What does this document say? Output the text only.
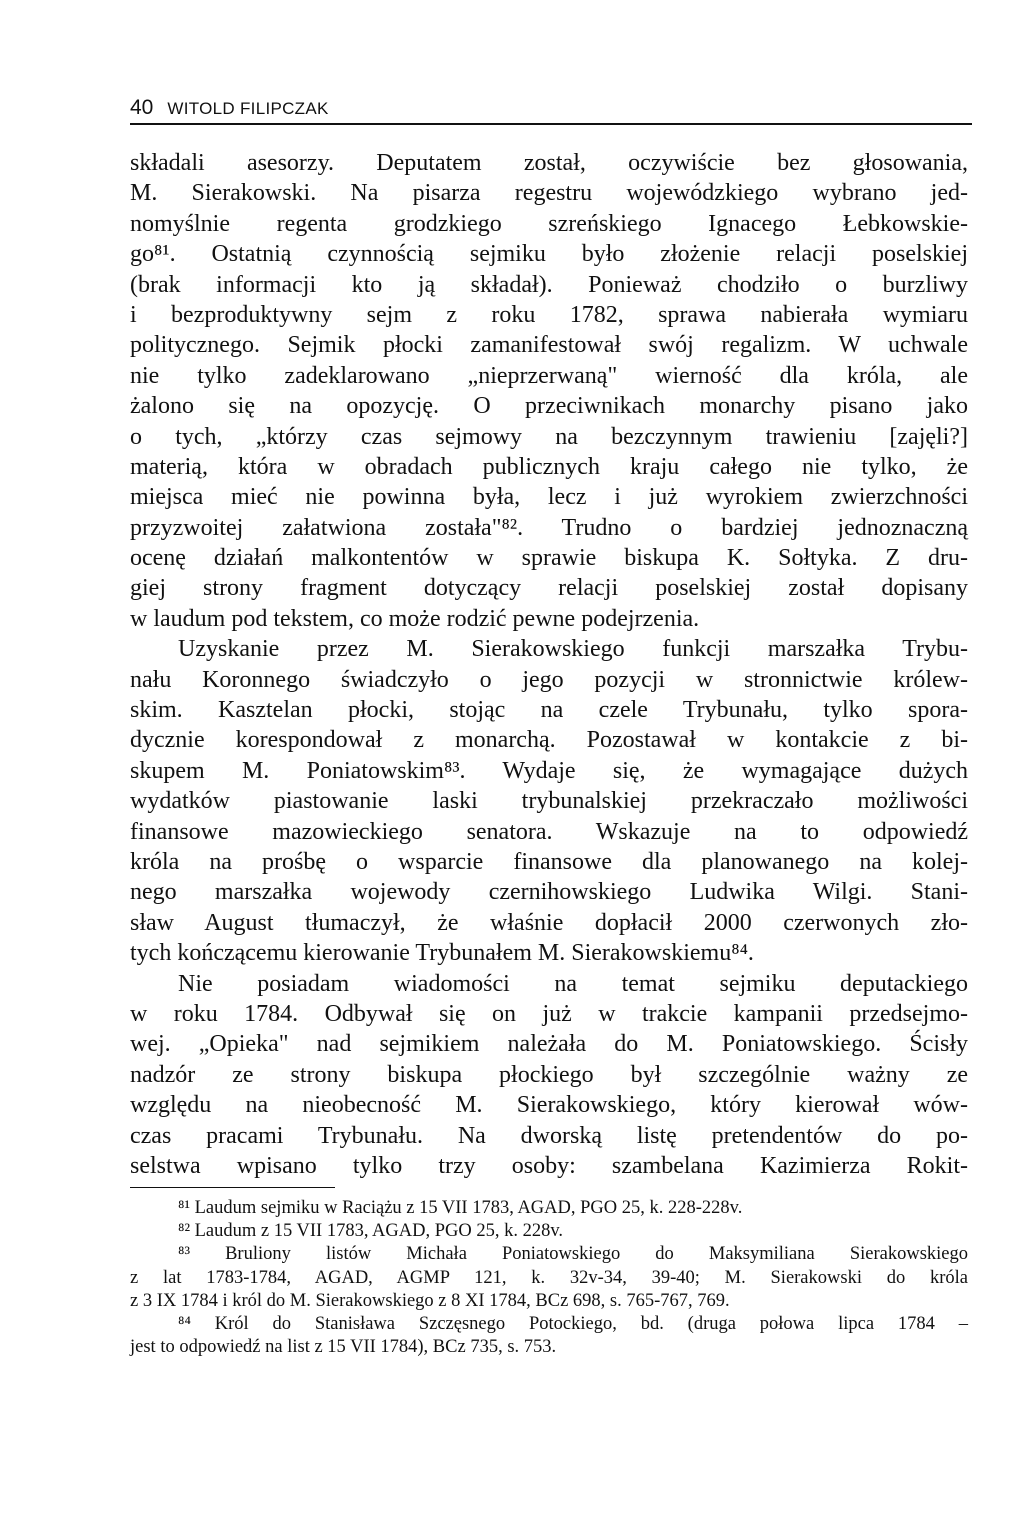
40 WITOLD FILIPCZAK
składali asesorzy. Deputatem został, oczywiście bez głosowania,
M. Sierakowski. Na pisarza regestru wojewódzkiego wybrano jed-
nomyślnie regenta grodzkiego szreńskiego Ignacego Łebkowskie-
go⁸¹. Ostatnią czynnością sejmiku było złożenie relacji poselskiej
(brak informacji kto ją składał). Ponieważ chodziło o burzliwy
i bezproduktywny sejm z roku 1782, sprawa nabierała wymiaru
politycznego. Sejmik płocki zamanifestował swój regalizm. W uchwale
nie tylko zadeklarowano „nieprzerwaną" wierność dla króla, ale
żalono się na opozycję. O przeciwnikach monarchy pisano jako
o tych, „którzy czas sejmowy na bezczynnym trawieniu [zajęli?]
materią, która w obradach publicznych kraju całego nie tylko, że
miejsca mieć nie powinna była, lecz i już wyrokiem zwierzchności
przyzwoitej załatwiona została"⁸². Trudno o bardziej jednoznaczną
ocenę działań malkontentów w sprawie biskupa K. Sołtyka. Z dru-
giej strony fragment dotyczący relacji poselskiej został dopisany
w laudum pod tekstem, co może rodzić pewne podejrzenia.
Uzyskanie przez M. Sierakowskiego funkcji marszałka Trybu-
nału Koronnego świadczyło o jego pozycji w stronnictwie królew-
skim. Kasztelan płocki, stojąc na czele Trybunału, tylko spora-
dycznie korespondował z monarchą. Pozostawał w kontakcie z bi-
skupem M. Poniatowskim⁸³. Wydaje się, że wymagające dużych
wydatków piastowanie laski trybunalskiej przekraczało możliwości
finansowe mazowieckiego senatora. Wskazuje na to odpowiedź
króla na prośbę o wsparcie finansowe dla planowanego na kolej-
nego marszałka wojewody czernihowskiego Ludwika Wilgi. Stani-
sław August tłumaczył, że właśnie dopłacił 2000 czerwonych zło-
tych kończącemu kierowanie Trybunałem M. Sierakowskiemu⁸⁴.
Nie posiadam wiadomości na temat sejmiku deputackiego
w roku 1784. Odbywał się on już w trakcie kampanii przedsejmo-
wej. „Opieka" nad sejmikiem należała do M. Poniatowskiego. Ścisły
nadzór ze strony biskupa płockiego był szczególnie ważny ze
względu na nieobecność M. Sierakowskiego, który kierował wów-
czas pracami Trybunału. Na dworską listę pretendentów do po-
selstwa wpisano tylko trzy osoby: szambelana Kazimierza Rokit-
⁸¹ Laudum sejmiku w Raciążu z 15 VII 1783, AGAD, PGO 25, k. 228-228v.
⁸² Laudum z 15 VII 1783, AGAD, PGO 25, k. 228v.
⁸³ Bruliony listów Michała Poniatowskiego do Maksymiliana Sierakowskiego
z lat 1783-1784, AGAD, AGMP 121, k. 32v-34, 39-40; M. Sierakowski do króla
z 3 IX 1784 i król do M. Sierakowskiego z 8 XI 1784, BCz 698, s. 765-767, 769.
⁸⁴ Król do Stanisława Szczęsnego Potockiego, bd. (druga połowa lipca 1784 –
jest to odpowiedź na list z 15 VII 1784), BCz 735, s. 753.
